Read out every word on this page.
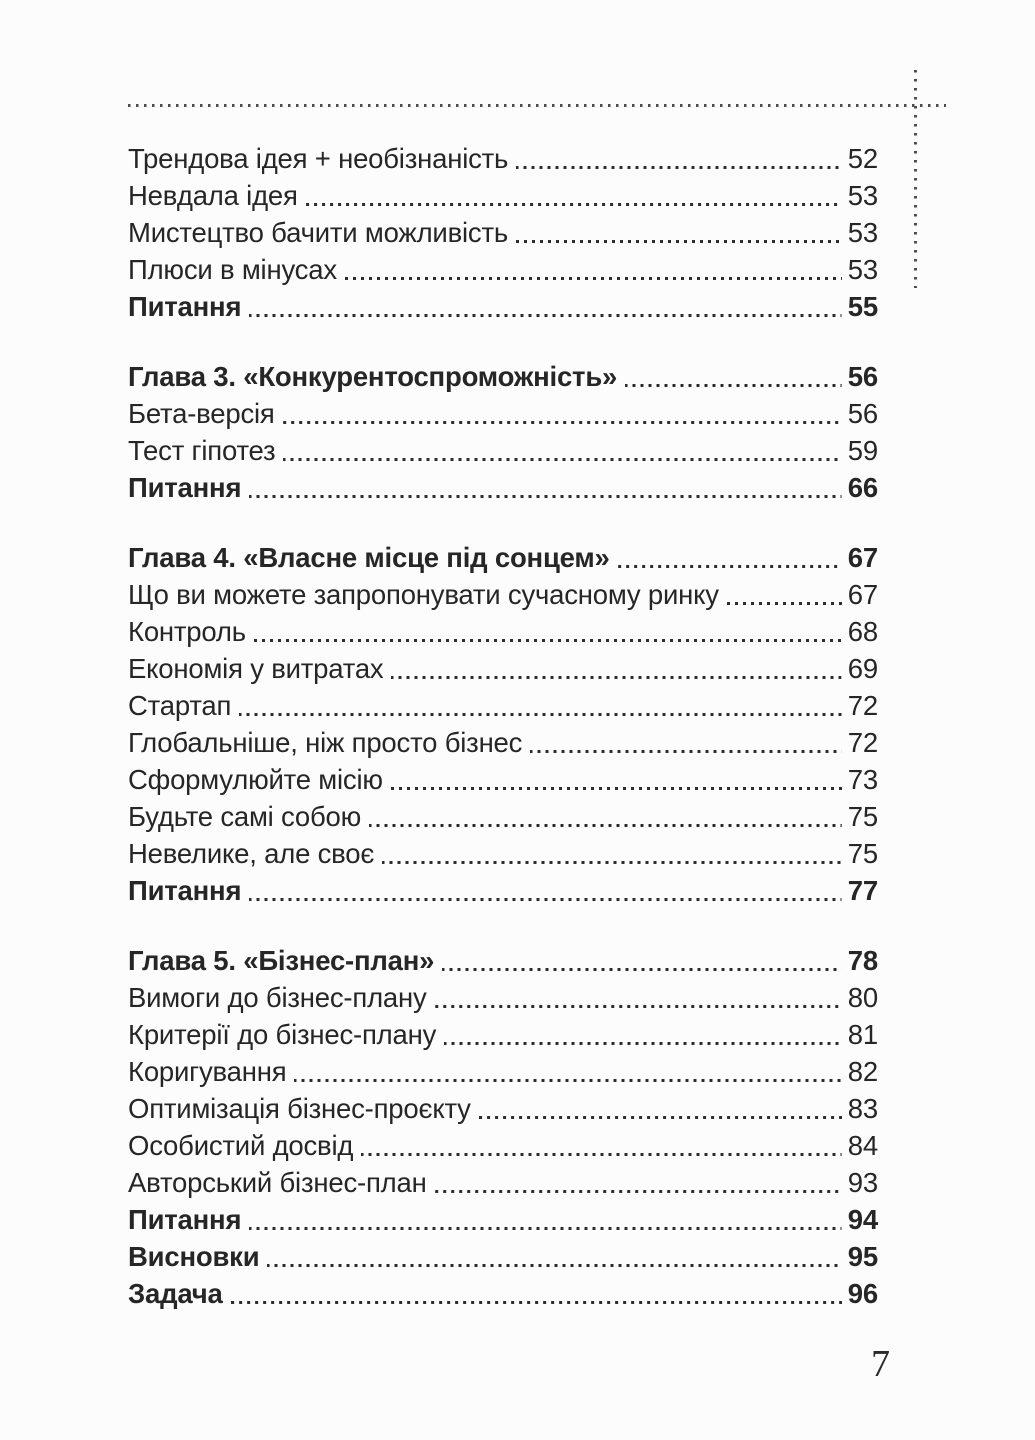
Трендова ідея + необізнаність	52
Невдала ідея	53
Мистецтво бачити можливість	53
Плюси в мінусах	53
Питання	55
Глава 3. «Конкурентоспроможність»	56
Бета-версія	56
Тест гіпотез	59
Питання	66
Глава 4. «Власне місце під сонцем»	67
Що ви можете запропонувати сучасному ринку	67
Контроль	68
Економія у витратах	69
Стартап	72
Глобальніше, ніж просто бізнес	72
Сформулюйте місію	73
Будьте самі собою	75
Невелике, але своє	75
Питання	77
Глава 5. «Бізнес-план»	78
Вимоги до бізнес-плану	80
Критерії до бізнес-плану	81
Коригування	82
Оптимізація бізнес-проєкту	83
Особистий досвід	84
Авторський бізнес-план	93
Питання	94
Висновки	95
Задача	96
7
